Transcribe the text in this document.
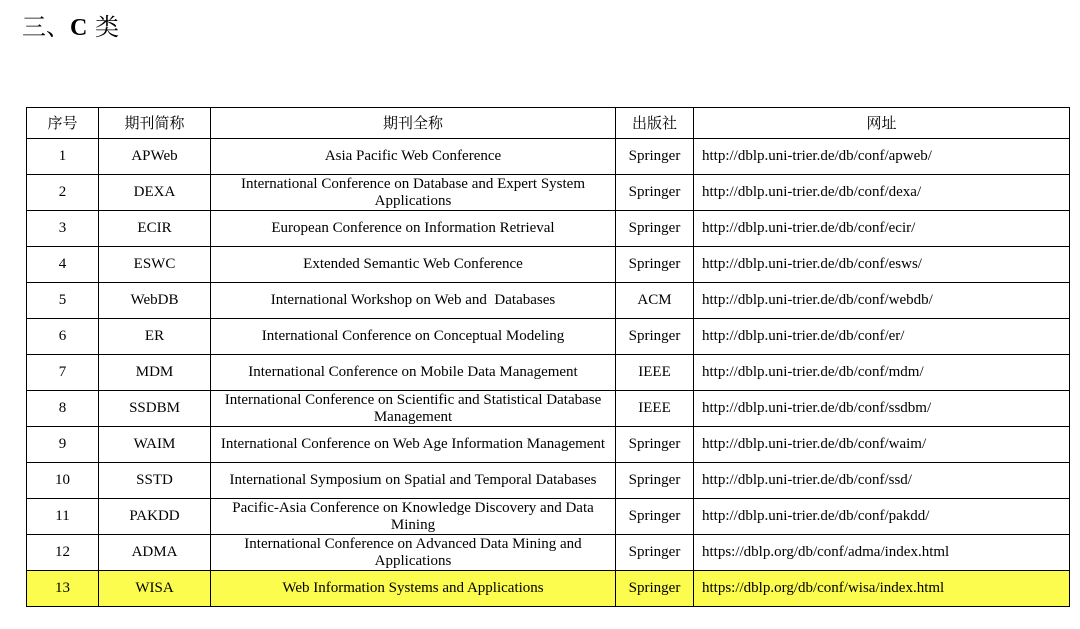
三、C 类
序号	期刊简称	期刊全称	出版社	网址
1	APWeb	Asia Pacific Web Conference	Springer	http://dblp.uni-trier.de/db/conf/apweb/
2	DEXA	International Conference on Database and Expert System Applications	Springer	http://dblp.uni-trier.de/db/conf/dexa/
3	ECIR	European Conference on Information Retrieval	Springer	http://dblp.uni-trier.de/db/conf/ecir/
4	ESWC	Extended Semantic Web Conference	Springer	http://dblp.uni-trier.de/db/conf/esws/
5	WebDB	International Workshop on Web and  Databases	ACM	http://dblp.uni-trier.de/db/conf/webdb/
6	ER	International Conference on Conceptual Modeling	Springer	http://dblp.uni-trier.de/db/conf/er/
7	MDM	International Conference on Mobile Data Management	IEEE	http://dblp.uni-trier.de/db/conf/mdm/
8	SSDBM	International Conference on Scientific and Statistical Database Management	IEEE	http://dblp.uni-trier.de/db/conf/ssdbm/
9	WAIM	International Conference on Web Age Information Management	Springer	http://dblp.uni-trier.de/db/conf/waim/
10	SSTD	International Symposium on Spatial and Temporal Databases	Springer	http://dblp.uni-trier.de/db/conf/ssd/
11	PAKDD	Pacific-Asia Conference on Knowledge Discovery and Data Mining	Springer	http://dblp.uni-trier.de/db/conf/pakdd/
12	ADMA	International Conference on Advanced Data Mining and Applications	Springer	https://dblp.org/db/conf/adma/index.html
13	WISA	Web Information Systems and Applications	Springer	https://dblp.org/db/conf/wisa/index.html
